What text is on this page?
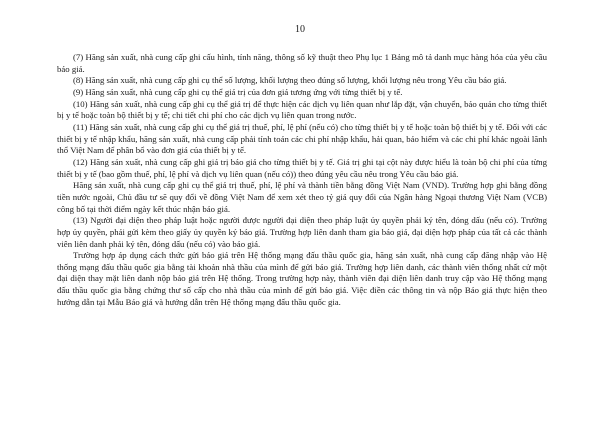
10

(7) Hãng sản xuất, nhà cung cấp ghi cấu hình, tính năng, thông số kỹ thuật theo Phụ lục 1 Bảng mô tả danh mục hàng hóa của yêu cầu báo giá.

(8) Hãng sản xuất, nhà cung cấp ghi cụ thể số lượng, khối lượng theo đúng số lượng, khối lượng nêu trong Yêu cầu báo giá.

(9) Hãng sản xuất, nhà cung cấp ghi cụ thể giá trị của đơn giá tương ứng với từng thiết bị y tế.

(10) Hãng sản xuất, nhà cung cấp ghi cụ thể giá trị để thực hiện các dịch vụ liên quan như lắp đặt, vận chuyển, bảo quản cho từng thiết bị y tế hoặc toàn bộ thiết bị y tế; chi tiết chi phí cho các dịch vụ liên quan trong nước.

(11) Hãng sản xuất, nhà cung cấp ghi cụ thể giá trị thuế, phí, lệ phí (nếu có) cho từng thiết bị y tế hoặc toàn bộ thiết bị y tế. Đối với các thiết bị y tế nhập khẩu, hãng sản xuất, nhà cung cấp phải tính toán các chi phí nhập khẩu, hải quan, bảo hiểm và các chi phí khác ngoài lãnh thổ Việt Nam để phân bổ vào đơn giá của thiết bị y tế.

(12) Hãng sản xuất, nhà cung cấp ghi giá trị báo giá cho từng thiết bị y tế. Giá trị ghi tại cột này được hiểu là toàn bộ chi phí của từng thiết bị y tế (bao gồm thuế, phí, lệ phí và dịch vụ liên quan (nếu có)) theo đúng yêu cầu nêu trong Yêu cầu báo giá.

Hãng sản xuất, nhà cung cấp ghi cụ thể giá trị thuế, phí, lệ phí và thành tiền bằng đồng Việt Nam (VND). Trường hợp ghi bằng đồng tiền nước ngoài, Chủ đầu tư sẽ quy đổi về đồng Việt Nam để xem xét theo tỷ giá quy đổi của Ngân hàng Ngoại thương Việt Nam (VCB) công bố tại thời điểm ngày kết thúc nhận báo giá.

(13) Người đại diện theo pháp luật hoặc người được người đại diện theo pháp luật ủy quyền phải ký tên, đóng dấu (nếu có). Trường hợp ủy quyền, phải gửi kèm theo giấy ủy quyền ký báo giá. Trường hợp liên danh tham gia báo giá, đại diện hợp pháp của tất cả các thành viên liên danh phải ký tên, đóng dấu (nếu có) vào báo giá.

Trường hợp áp dụng cách thức gửi báo giá trên Hệ thống mạng đấu thầu quốc gia, hãng sản xuất, nhà cung cấp đăng nhập vào Hệ thống mạng đấu thầu quốc gia bằng tài khoản nhà thầu của mình để gửi báo giá. Trường hợp liên danh, các thành viên thống nhất cử một đại diện thay mặt liên danh nộp báo giá trên Hệ thống. Trong trường hợp này, thành viên đại diện liên danh truy cập vào Hệ thống mạng đấu thầu quốc gia bằng chứng thư số cấp cho nhà thầu của mình để gửi báo giá. Việc điền các thông tin và nộp Báo giá thực hiện theo hướng dẫn tại Mẫu Báo giá và hướng dẫn trên Hệ thống mạng đấu thầu quốc gia.
